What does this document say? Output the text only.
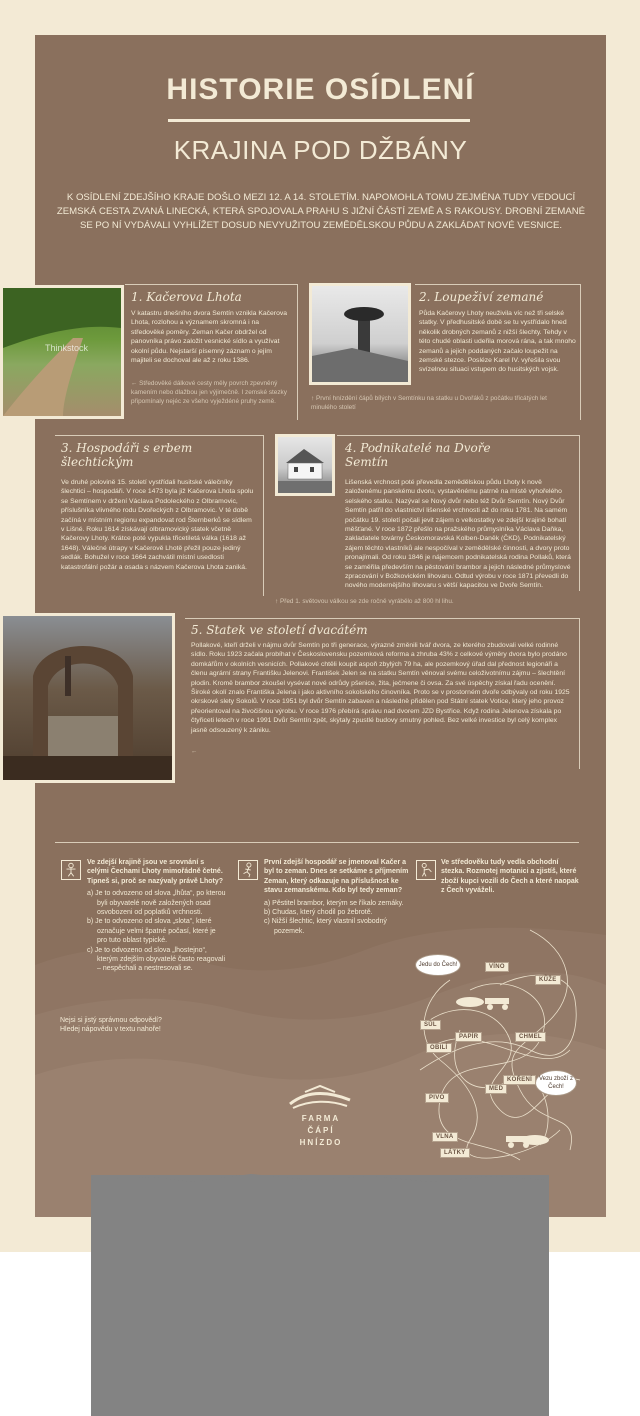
HISTORIE OSÍDLENÍ
KRAJINA POD DŽBÁNY
K OSÍDLENÍ ZDEJŠÍHO KRAJE DOŠLO MEZI 12. A 14. STOLETÍM. NAPOMOHLA TOMU ZEJMÉNA TUDY VEDOUCÍ ZEMSKÁ CESTA ZVANÁ LINECKÁ, KTERÁ SPOJOVALA PRAHU S JIŽNÍ ČÁSTÍ ZEMĚ A S RAKOUSY. DROBNÍ ZEMANÉ SE PO NÍ VYDÁVALI VYHLÍŽET DOSUD NEVYUŽITOU ZEMĚDĚLSKOU PŮDU A ZAKLÁDAT NOVÉ VESNICE.
1. Kačerova Lhota
V katastru dnešního dvora Semtín vznikla Kačerova Lhota, rozlohou a významem skromná i na středověké poměry. Zeman Kačer obdržel od panovníka právo založit vesnické sídlo a využívat okolní půdu. Nejstarší písemný záznam o jejím majiteli se dochoval ale až z roku 1386.
← Středověké dálkové cesty měly povrch zpevněný kamením nebo dlažbou jen výjimečně. I zemské stezky připomínaly nejéc ze všeho vyježdéné pruhy země.
2. Loupeživí zemané
Půda Kačerovy Lhoty neuživila víc než tři selské statky. V předhusitské době se tu vystřídalo hned několik drobných zemanů z nižší šlechty. Tehdy v této chudé oblasti udeřila morová rána, a tak mnoho zemanů a jejich poddaných začalo loupežit na zemské stezce. Posléze Karel IV. vyřešila svou svízelnou situaci vstupem do husitských vojsk.
↑ První hnízdění čápů bílých v Semtínku na statku u Dvořáků z počátku třicátých let minulého století
3. Hospodáři s erbem šlechtickým
Ve druhé polovině 15. století vystřídali husitské válečníky šlechtici – hospodáři. V roce 1473 byla již Kačerova Lhota spolu se Semtínem v držení Václava Podoleckého z Olbramovic, příslušníka vlivného rodu Dvořeckých z Olbramovic. V té době začíná v místním regionu expandovat rod Šternberků se sídlem v Lišné. Roku 1614 získávají olbramovický statek včetně Kačerovy Lhoty. Krátce poté vypukla třicetiletá válka (1618 až 1648). Válečné útrapy v Kačerově Lhotě přežil pouze jediný sedlák. Bohužel v roce 1664 zachvátil místní usedlosti katastrofální požár a osada s názvem Kačerova Lhota zaniká.
4. Podnikatelé na Dvoře Semtín
Lišenská vrchnost poté převedla zemědělskou půdu Lhoty k nově založenému panskému dvoru, vystavěnému patrně na místě vyhořelého selského statku. Nazýval se Nový dvůr nebo též Dvůr Semtín. Nový Dvůr Semtín patřil do vlastnictví lišenské vrchnosti až do roku 1781. Na samém počátku 19. století počali jevit zájem o velkostatky ve zdejší krajině bohatí měšťané. V roce 1872 přešlo na pražského průmyslníka Václava Daňka, zakladatele továrny Českomoravská Kolben-Daněk (ČKD). Podnikatelský zájem těchto vlastníků ale nespočíval v zemědělské činnosti, a dvory proto pronajímali. Od roku 1846 je nájemcem podnikatelská rodina Pollaků, která se zaměřila především na pěstování brambor a jejich následné průmyslové zpracování v Božkovickém lihovaru. Odtud výrobu v roce 1871 převedli do nového modernějšího lihovaru s větší kapacitou ve Dvoře Semtín.
↑ Před 1. světovou válkou se zde ročně vyrábělo až 800 hl lihu.
5. Statek ve století dvacátém
Pollakové, kteří drželi v nájmu dvůr Semtín po tři generace, výrazně změnili tvář dvora, ze kterého zbudovali velké rodinné sídlo. Roku 1923 začala probíhat v Československu pozemková reforma a zhruba 43% z celkové výměry dvora bylo prodáno domkářům v okolních vesnicích. Pollakové chtěli koupit aspoň zbylých 79 ha, ale pozemkový úřad dal přednost legionáři a členu agrární strany Františku Jelenovi. František Jelen se na statku Semtín věnoval svému celoživotnímu zájmu – šlechtění plodin. Kromě brambor zkoušel vysévat nové odrůdy pšenice, žita, ječmene či ovsa. Za své úspěchy získal řadu ocenění. Široké okolí znalo Františka Jelena i jako aktivního sokolského činovníka. Proto se v prostorném dvoře odbývaly od roku 1925 okrskové slety Sokolů. V roce 1951 byl dvůr Semtín zabaven a následně přidělen pod Státní statek Votice, který jeho provoz přeorientoval na živočišnou výrobu. V roce 1976 přebírá správu nad dvorem JZD Bystřice. Když rodina Jelenova získala po čtyřiceti letech v roce 1991 Dvůr Semtín zpět, skýtaly zpustlé budovy smutný pohled. Bez velké investice byl celý komplex jasně odsouzený k zániku.
←
Ve zdejší krajině jsou ve srovnání s celými Čechami Lhoty mimořádně četné. Tipneš si, proč se nazývaly právě Lhoty?
a) Je to odvozeno od slova „lhůta“, po kterou byli obyvatelé nově založených osad osvobozeni od poplatků vrchnosti.
b) Je to odvozeno od slova „slota“, které označuje velmi špatné počasí, které je pro tuto oblast typické.
c) Je to odvozeno od slova „lhostejno“, kterým zdejším obyvatelé často reagovali – nespěchali a nestresovali se.
Nejsi si jistý správnou odpovědí? Hledej nápovědu v textu nahoře!
První zdejší hospodář se jmenoval Kačer a byl to zeman. Dnes se setkáme s příjmením Zeman, který odkazuje na příslušnost ke stavu zemanskému. Kdo byl tedy zeman?
a) Pěstitel brambor, kterým se říkalo zemáky.
b) Chudas, který chodil po žebrotě.
c) Nižší šlechtic, který vlastnil svobodný pozemek.
Ve středověku tudy vedla obchodní stezka. Rozmotej motanici a zjistíš, které zboží kupci vozili do Čech a které naopak z Čech vyváželi.
Jedu do Čech!
Vezu zboží z Čech!
VÍNO
KŮŽE
SŮL
PAPÍR
OBILÍ
CHMEL
KOŘENÍ
MED
PIVO
VLNA
LÁTKY
FARMA
ČÁPÍ
HNÍZDO
Thinkstock
